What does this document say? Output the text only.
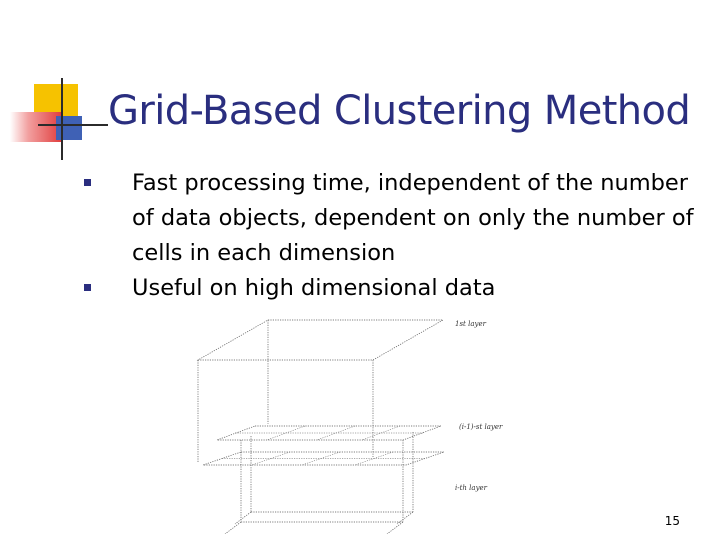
Grid-Based Clustering Method
Fast processing time, independent of the number of data objects, dependent on only the number of cells in each dimension
Useful on high dimensional data
1st layer
(i-1)-st layer
i-th layer
15
